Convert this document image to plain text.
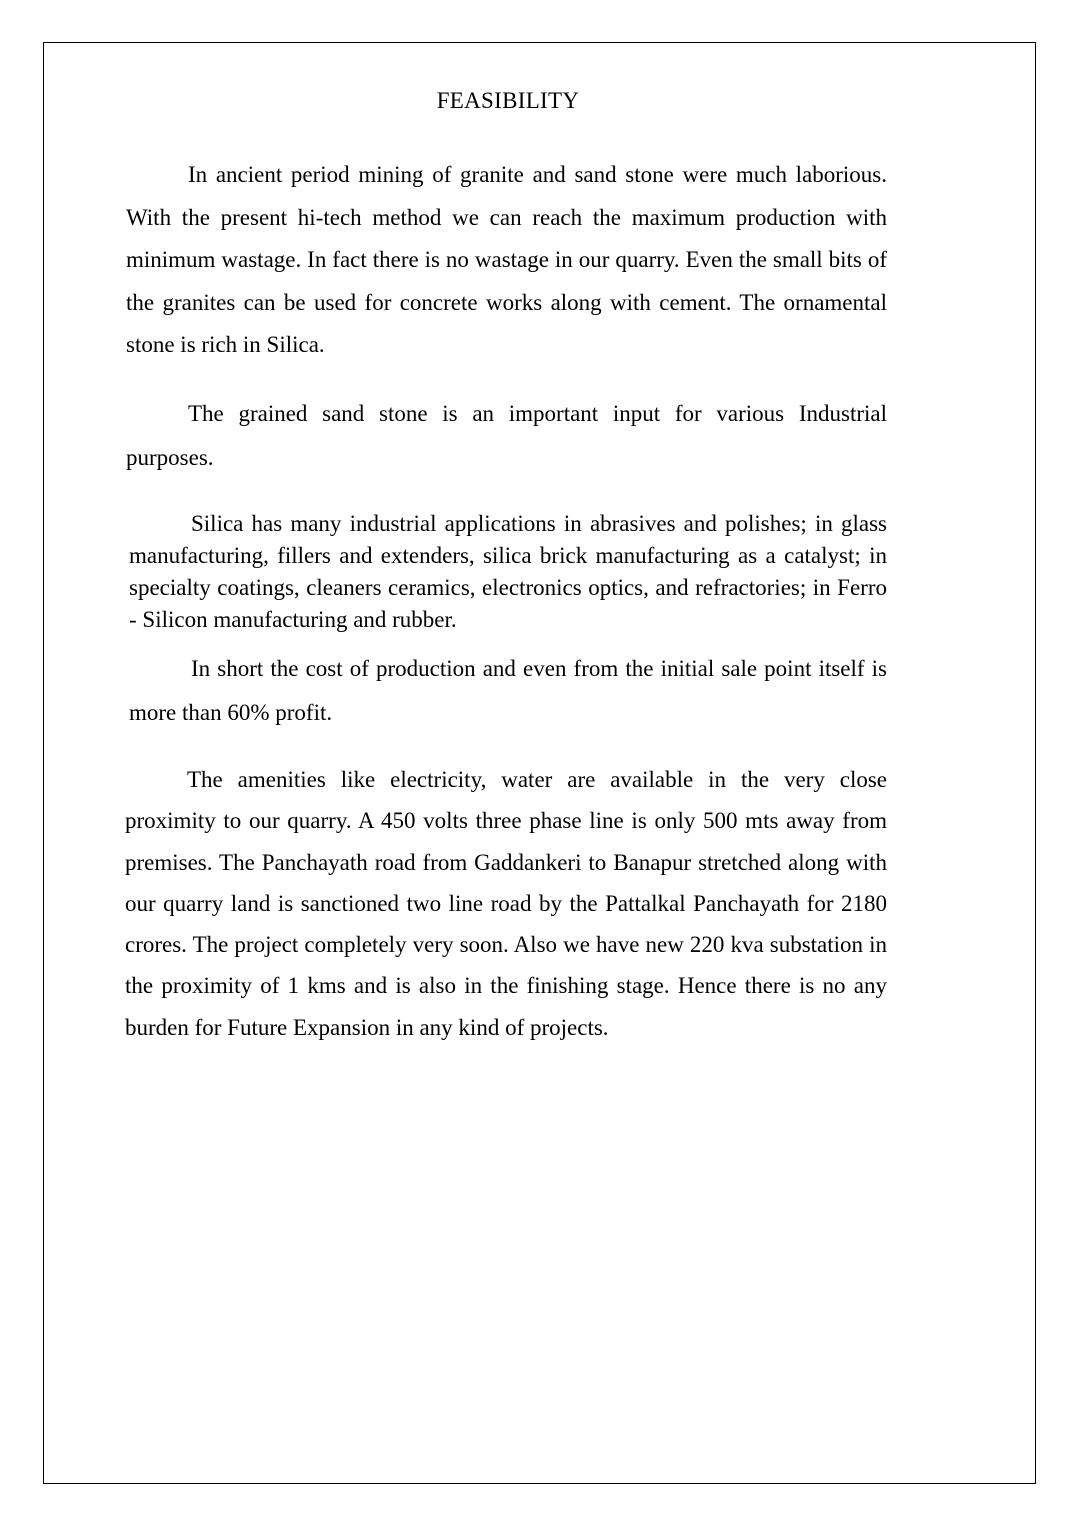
FEASIBILITY

In ancient period mining of granite and sand stone were much laborious. With the present hi-tech method we can reach the maximum production with minimum wastage. In fact there is no wastage in our quarry. Even the small bits of the granites can be used for concrete works along with cement. The ornamental stone is rich in Silica.

The grained sand stone is an important input for various Industrial purposes.

Silica has many industrial applications in abrasives and polishes; in glass manufacturing, fillers and extenders, silica brick manufacturing as a catalyst; in specialty coatings, cleaners ceramics, electronics optics, and refractories; in Ferro - Silicon manufacturing and rubber.

In short the cost of production and even from the initial sale point itself is more than 60% profit.

The amenities like electricity, water are available in the very close proximity to our quarry. A 450 volts three phase line is only 500 mts away from premises. The Panchayath road from Gaddankeri to Banapur stretched along with our quarry land is sanctioned two line road by the Pattalkal Panchayath for 2180 crores. The project completely very soon. Also we have new 220 kva substation in the proximity of 1 kms and is also in the finishing stage. Hence there is no any burden for Future Expansion in any kind of projects.
